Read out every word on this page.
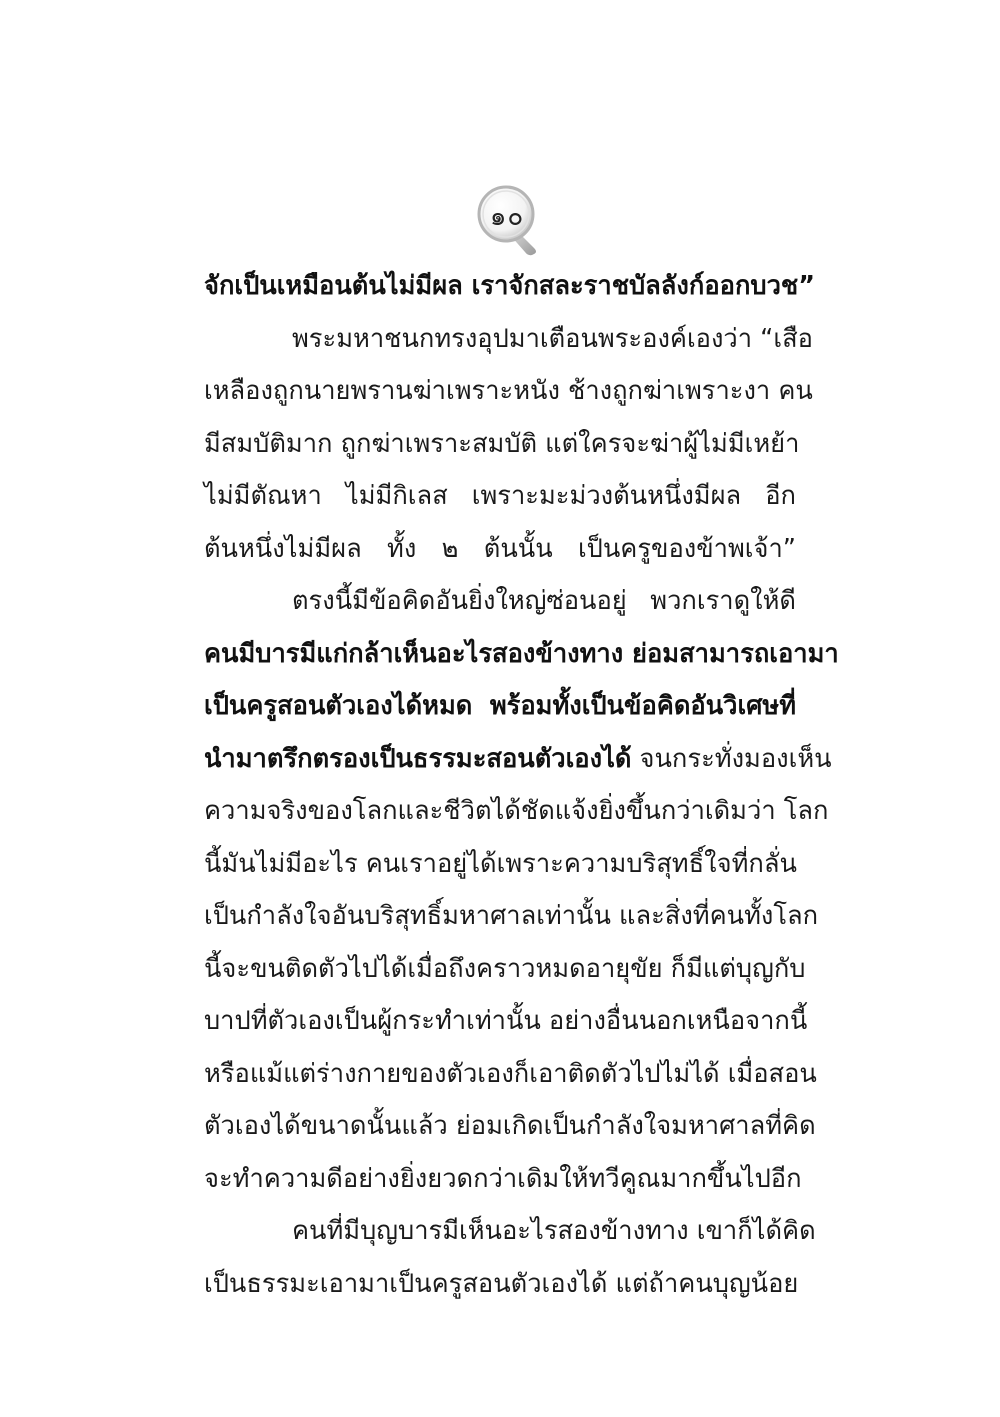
๑๐
จักเป็นเหมือนต้นไม่มีผล เราจักสละราชบัลลังก์ออกบวช”
พระมหาชนกทรงอุปมาเตือนพระองค์เองว่า “เสือ
เหลืองถูกนายพรานฆ่าเพราะหนัง ช้างถูกฆ่าเพราะงา คน
มีสมบัติมาก ถูกฆ่าเพราะสมบัติ แต่ใครจะฆ่าผู้ไม่มีเหย้า
ไม่มีตัณหา ไม่มีกิเลส เพราะมะม่วงต้นหนึ่งมีผล อีก
ต้นหนึ่งไม่มีผล ทั้ง ๒ ต้นนั้น เป็นครูของข้าพเจ้า”
ตรงนี้มีข้อคิดอันยิ่งใหญ่ซ่อนอยู่ พวกเราดูให้ดี
คนมีบารมีแก่กล้าเห็นอะไรสองข้างทาง ย่อมสามารถเอามา
เป็นครูสอนตัวเองได้หมด พร้อมทั้งเป็นข้อคิดอันวิเศษที่
นำมาตรึกตรองเป็นธรรมะสอนตัวเองได้ จนกระทั่งมองเห็น
ความจริงของโลกและชีวิตได้ชัดแจ้งยิ่งขึ้นกว่าเดิมว่า โลก
นี้มันไม่มีอะไร คนเราอยู่ได้เพราะความบริสุทธิ์ใจที่กลั่น
เป็นกำลังใจอันบริสุทธิ์มหาศาลเท่านั้น และสิ่งที่คนทั้งโลก
นี้จะขนติดตัวไปได้เมื่อถึงคราวหมดอายุขัย ก็มีแต่บุญกับ
บาปที่ตัวเองเป็นผู้กระทำเท่านั้น อย่างอื่นนอกเหนือจากนี้
หรือแม้แต่ร่างกายของตัวเองก็เอาติดตัวไปไม่ได้ เมื่อสอน
ตัวเองได้ขนาดนั้นแล้ว ย่อมเกิดเป็นกำลังใจมหาศาลที่คิด
จะทำความดีอย่างยิ่งยวดกว่าเดิมให้ทวีคูณมากขึ้นไปอีก
คนที่มีบุญบารมีเห็นอะไรสองข้างทาง เขาก็ได้คิด
เป็นธรรมะเอามาเป็นครูสอนตัวเองได้ แต่ถ้าคนบุญน้อย
